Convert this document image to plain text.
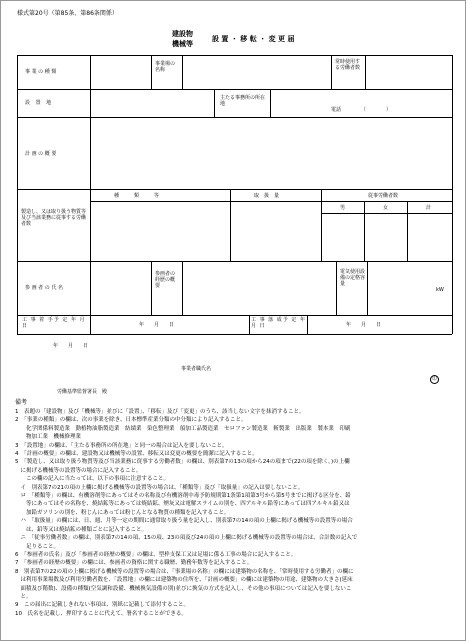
様式第20号（第85条、第86条関係）
建設物
機械等
設 置 ・ 移 転 ・ 変 更 届
事 業 の 種 類
事業場の名称
常時使用する労働者数
設 置 地
主たる事務所の所在地
電話	（　　　　）
計 画 の 概 要
製造し、又は取り扱う物質等及び当該業務に従事する労働者数
種　　　類　　　等	取　扱　量	従事労働者数
男	女	計
参 画 者 の 氏 名
参画者の経歴の概要
電気使用設備の定格容量
kW
工 事 着 手予 定 年 月 日
工 事 落 成予 定 年 月 日
年　　月　　日	年　　月　　日
年　　月　　日
事業者職氏名
印
労働基準監督署長　殿
備考
1　表題の「建設物」及び「機械等」並びに「設置」、「移転」及び「変更」のうち、該当しない文字を抹消すること。
2　「事業の種類」の欄は、次の事業を除き、日本標準産業分類の中分類により記入すること。
　　化学関係料製造業　動植物油脂製造業　紡績業　染色整理業　船加工品製造業　セロファン製造業　斬製業　出版業　製本業　印刷
　　物加工業　機械修理業
3　「設置地」の欄は、「主たる事務所の所在地」と同一の場合は記入を要しないこと。
4　「計画の概要」の欄は、建設物又は機械等の設置、移転又は変更の概要を簡潔に記入すること。
5　「製造し、又は取り扱う物質等及び当該業務に従事する労働者数」の欄は、別表第7の13の項から24の項まで(22の項を除く。)の上欄
　に掲げる機械等の設置等の場合に記入すること。
　　この欄の記入に当たっては、以下の事項に注意すること。
　イ　別表第7の21の項の上欄に掲げる機械等の設置等の場合は、「種類等」及び「取扱量」の記入は要しないこと。
　ロ　「種類等」の欄は、有機溶剤等にあってはその名称及び有機溶剤中毒予防規則第1条第1項第3号から第5号までに掲げる区分を、鉛
　　等にあってはその名称を、焼結鉱等にあっては焼結鉱、煙灰又は電解スライムの別を、四アルキル鉛等にあっては四アルキル鉛又は
　　加鉛ガソリンの別を、粉じんにあっては粉じんとなる物質の種類を記入すること。
　ハ　「取扱量」の欄には、日、週、月等一定の期間に通常取り扱う量を記入し、別表第7の14の項の上欄に掲げる機械等の設置等の場合
　　は、鉛等又は焼結鉱の種類ごとに記入すること。
　ニ　「従事労働者数」の欄は、別表第7の14の項、15の項、23の項及び24の項の上欄に掲げる機械等の設置等の場合は、合計数の記入で
　　足りること。
6　「参画者の氏名」及び「参画者の経歴の概要」の欄は、型枠支保工又は足場に係る工事の場合に記入すること。
7　「参画者の経歴の概要」の欄には、参画者の資格に関する職歴、勤務年数等を記入すること。
8　別表第7の22の項の上欄に掲げる機械等の設置等の場合は、「事業場の名称」の欄には建築物の名称を、「常時使用する労働者」の欄に
　は利用事業場数及び利用労働者数を、「設置地」の欄には建築物の住所を、「計画の概要」の欄には建築物の用途、建築物の大きさ(延床
　面積及び階数)、設備の種類(空気調和設備、機械換気設備の別)並びに換気の方式を記入し、その他の事項については記入を要しないこ
　と。
9　この届出に記載しきれない事項は、別紙に記載して添付すること。
10　氏名を記載し、押印することに代えて、署名することができる。
